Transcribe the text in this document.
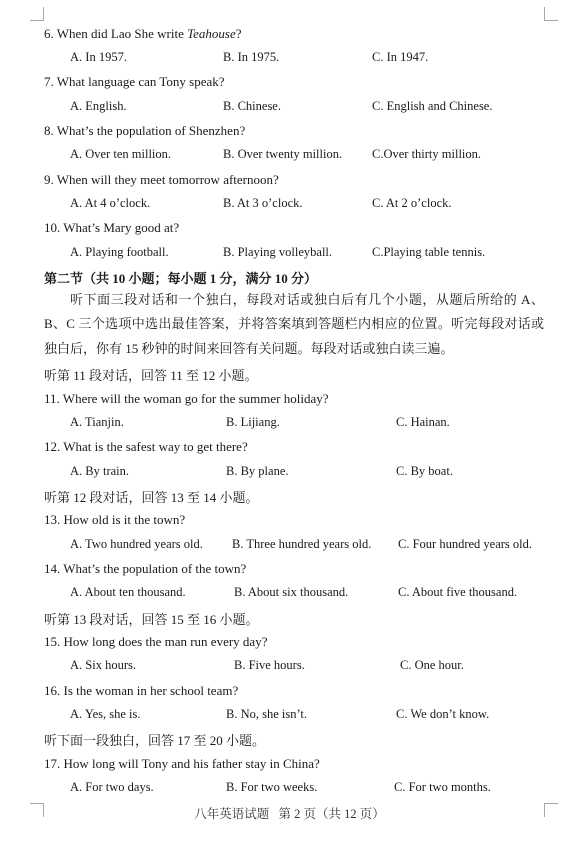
6. When did Lao She write Teahouse?
A. In 1957.	B. In 1975.	C. In 1947.
7. What language can Tony speak?
A. English.	B. Chinese.	C. English and Chinese.
8. What’s the population of Shenzhen?
A. Over ten million.	B. Over twenty million. C.Over thirty million.
9. When will they meet tomorrow afternoon?
A. At 4 o’clock.	B. At 3 o’clock.	C. At 2 o’clock.
10. What’s Mary good at?
A. Playing football.	B. Playing volleyball.	C.Playing table tennis.
第二节（共 10 小题；每小题 1 分，满分 10 分）
听下面三段对话和一个独白，每段对话或独白后有几个小题，从题后所给的 A、B、C 三个选项中选出最佳答案，并将答案填到答题栏内相应的位置。听完每段对话或独白后，你有 15 秒钟的时间来回答有关问题。每段对话或独白读三遍。
听第 11 段对话，回答 11 至 12 小题。
11. Where will the woman go for the summer holiday?
A. Tianjin.	B. Lijiang.	C. Hainan.
12. What is the safest way to get there?
A. By train.	B. By plane.	C. By boat.
听第 12 段对话，回答 13 至 14 小题。
13. How old is it the town?
A. Two hundred years old. B. Three hundred years old. C. Four hundred years old.
14. What’s the population of the town?
A. About ten thousand.	B. About six thousand.	C. About five thousand.
听第 13 段对话，回答 15 至 16 小题。
15. How long does the man run every day?
A. Six hours.	B. Five hours.	C. One hour.
16. Is the woman in her school team?
A. Yes, she is.	B. No, she isn’t.	C. We don’t know.
听下面一段独白，回答 17 至 20 小题。
17. How long will Tony and his father stay in China?
A. For two days.	B. For two weeks.	C. For two months.
八年英语试题 第 2 页（共 12 页）
